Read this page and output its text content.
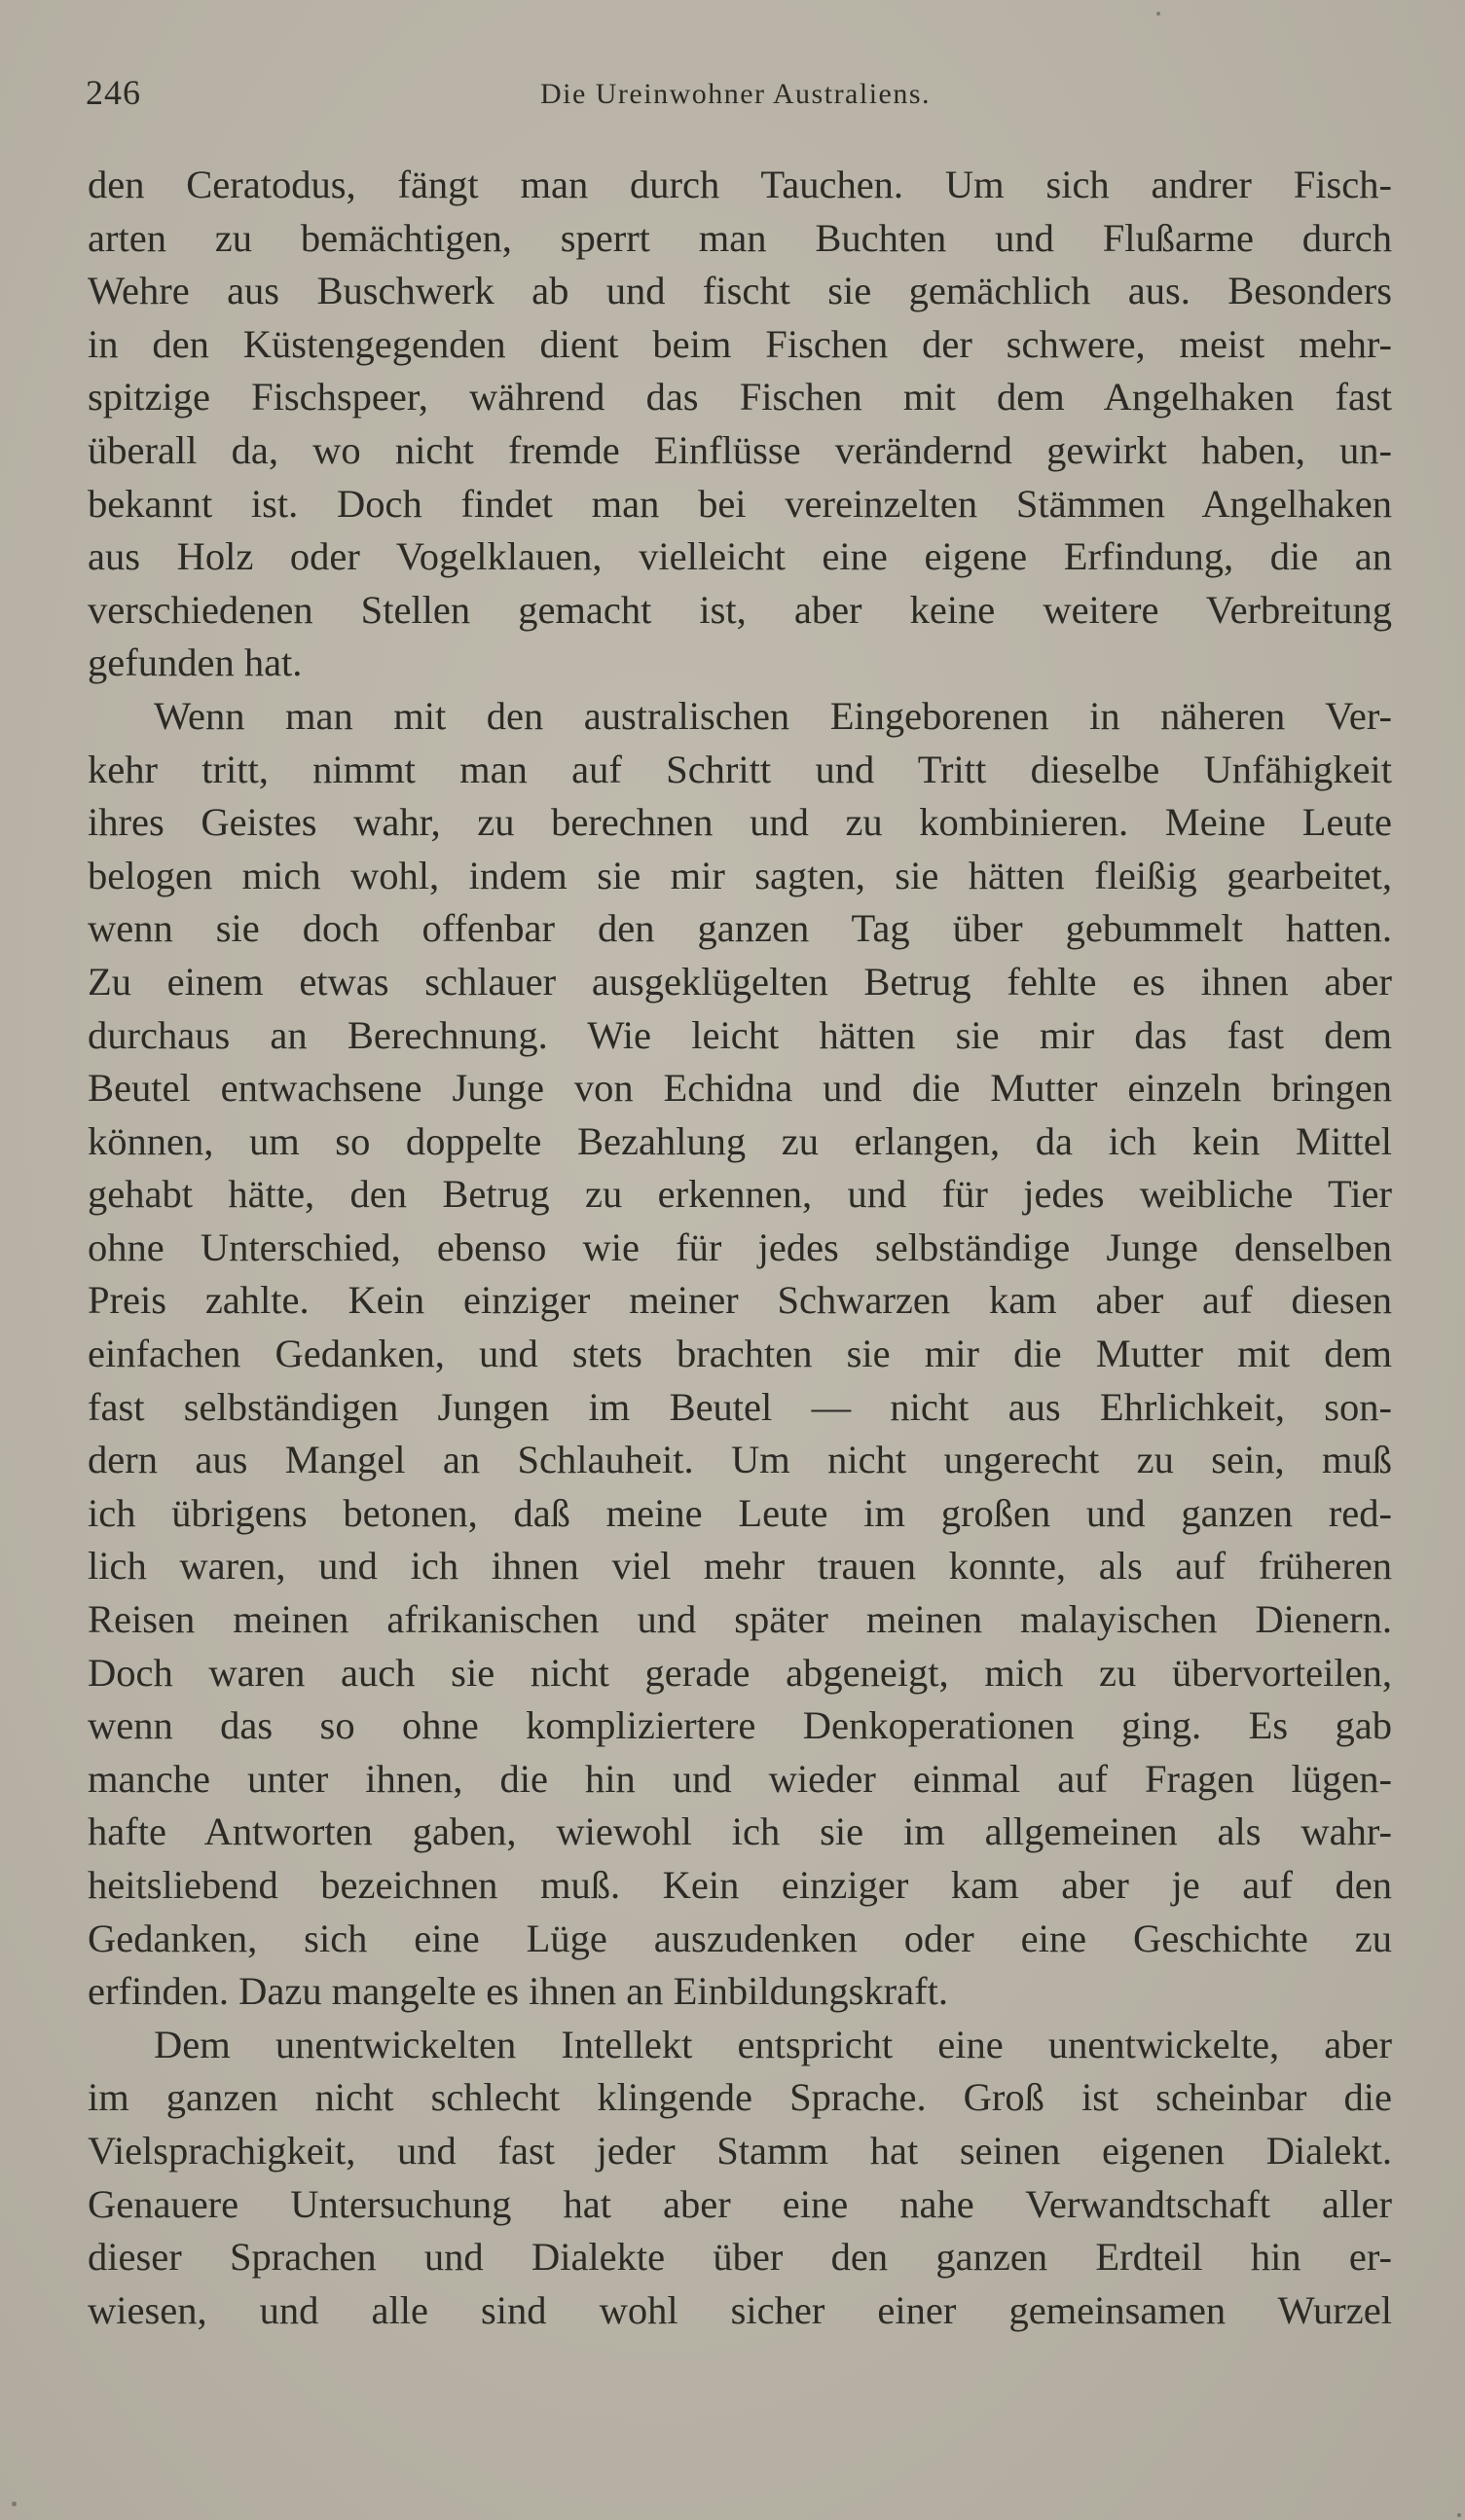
246	Die Ureinwohner Australiens.
den Ceratodus, fängt man durch Tauchen. Um sich andrer Fisch-
arten zu bemächtigen, sperrt man Buchten und Flußarme durch
Wehre aus Buschwerk ab und fischt sie gemächlich aus. Besonders
in den Küstengegenden dient beim Fischen der schwere, meist mehr-
spitzige Fischspeer, während das Fischen mit dem Angelhaken fast
überall da, wo nicht fremde Einflüsse verändernd gewirkt haben, un-
bekannt ist. Doch findet man bei vereinzelten Stämmen Angelhaken
aus Holz oder Vogelklauen, vielleicht eine eigene Erfindung, die an
verschiedenen Stellen gemacht ist, aber keine weitere Verbreitung
gefunden hat.
Wenn man mit den australischen Eingeborenen in näheren Ver-
kehr tritt, nimmt man auf Schritt und Tritt dieselbe Unfähigkeit
ihres Geistes wahr, zu berechnen und zu kombinieren. Meine Leute
belogen mich wohl, indem sie mir sagten, sie hätten fleißig gearbeitet,
wenn sie doch offenbar den ganzen Tag über gebummelt hatten.
Zu einem etwas schlauer ausgeklügelten Betrug fehlte es ihnen aber
durchaus an Berechnung. Wie leicht hätten sie mir das fast dem
Beutel entwachsene Junge von Echidna und die Mutter einzeln bringen
können, um so doppelte Bezahlung zu erlangen, da ich kein Mittel
gehabt hätte, den Betrug zu erkennen, und für jedes weibliche Tier
ohne Unterschied, ebenso wie für jedes selbständige Junge denselben
Preis zahlte. Kein einziger meiner Schwarzen kam aber auf diesen
einfachen Gedanken, und stets brachten sie mir die Mutter mit dem
fast selbständigen Jungen im Beutel — nicht aus Ehrlichkeit, son-
dern aus Mangel an Schlauheit. Um nicht ungerecht zu sein, muß
ich übrigens betonen, daß meine Leute im großen und ganzen red-
lich waren, und ich ihnen viel mehr trauen konnte, als auf früheren
Reisen meinen afrikanischen und später meinen malayischen Dienern.
Doch waren auch sie nicht gerade abgeneigt, mich zu übervorteilen,
wenn das so ohne kompliziertere Denkoperationen ging. Es gab
manche unter ihnen, die hin und wieder einmal auf Fragen lügen-
hafte Antworten gaben, wiewohl ich sie im allgemeinen als wahr-
heitsliebend bezeichnen muß. Kein einziger kam aber je auf den
Gedanken, sich eine Lüge auszudenken oder eine Geschichte zu
erfinden. Dazu mangelte es ihnen an Einbildungskraft.
Dem unentwickelten Intellekt entspricht eine unentwickelte, aber
im ganzen nicht schlecht klingende Sprache. Groß ist scheinbar die
Vielsprachigkeit, und fast jeder Stamm hat seinen eigenen Dialekt.
Genauere Untersuchung hat aber eine nahe Verwandtschaft aller
dieser Sprachen und Dialekte über den ganzen Erdteil hin er-
wiesen, und alle sind wohl sicher einer gemeinsamen Wurzel
